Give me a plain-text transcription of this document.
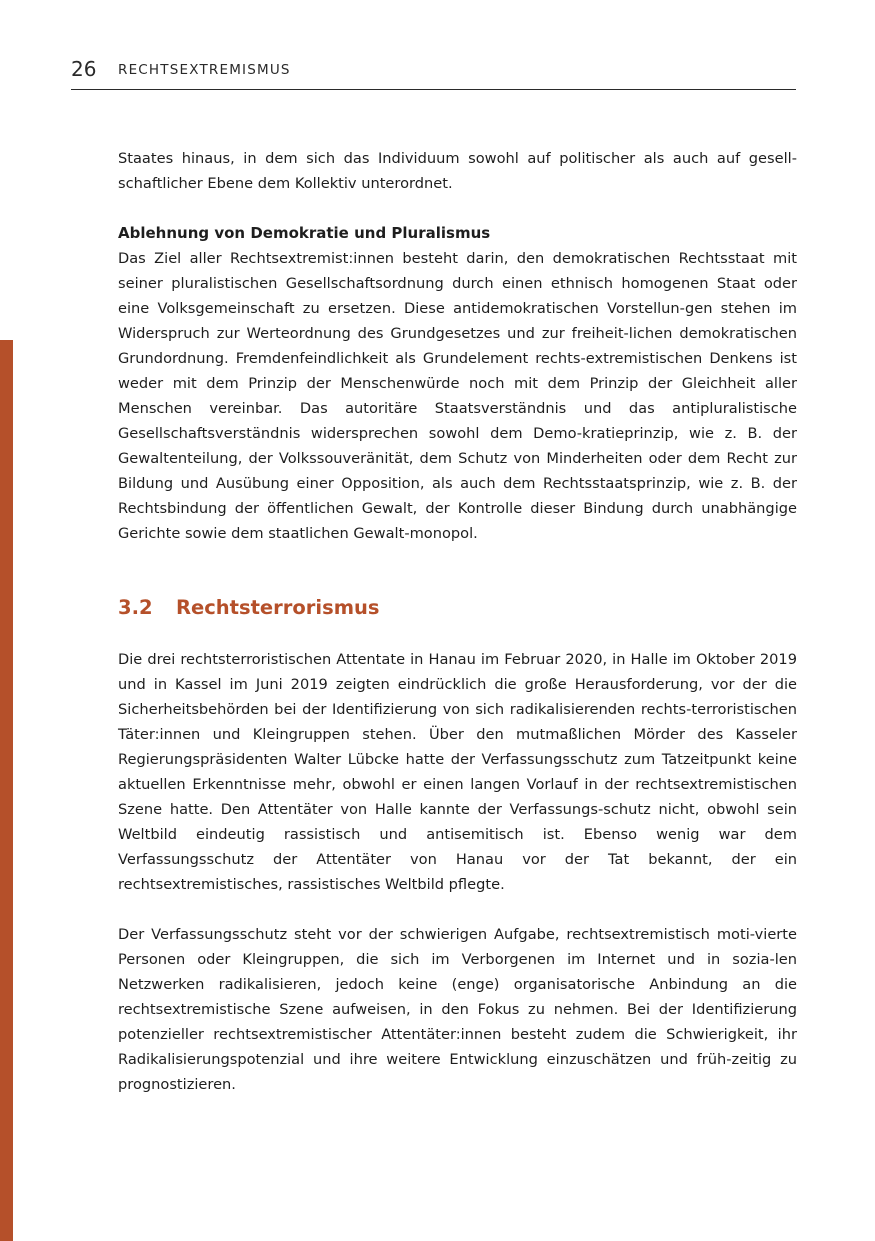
26 RECHTSEXTREMISMUS

Staates hinaus, in dem sich das Individuum sowohl auf politischer als auch auf gesell-schaftlicher Ebene dem Kollektiv unterordnet.

Ablehnung von Demokratie und Pluralismus

Das Ziel aller Rechtsextremist:innen besteht darin, den demokratischen Rechtsstaat mit seiner pluralistischen Gesellschaftsordnung durch einen ethnisch homogenen Staat oder eine Volksgemeinschaft zu ersetzen. Diese antidemokratischen Vorstellun-gen stehen im Widerspruch zur Werteordnung des Grundgesetzes und zur freiheit-lichen demokratischen Grundordnung. Fremdenfeindlichkeit als Grundelement rechts-extremistischen Denkens ist weder mit dem Prinzip der Menschenwürde noch mit dem Prinzip der Gleichheit aller Menschen vereinbar. Das autoritäre Staatsverständnis und das antipluralistische Gesellschaftsverständnis widersprechen sowohl dem Demo-kratieprinzip, wie z. B. der Gewaltenteilung, der Volkssouveränität, dem Schutz von Minderheiten oder dem Recht zur Bildung und Ausübung einer Opposition, als auch dem Rechtsstaatsprinzip, wie z. B. der Rechtsbindung der öffentlichen Gewalt, der Kontrolle dieser Bindung durch unabhängige Gerichte sowie dem staatlichen Gewalt-monopol.

3.2 Rechtsterrorismus

Die drei rechtsterroristischen Attentate in Hanau im Februar 2020, in Halle im Oktober 2019 und in Kassel im Juni 2019 zeigten eindrücklich die große Herausforderung, vor der die Sicherheitsbehörden bei der Identifizierung von sich radikalisierenden rechts-terroristischen Täter:innen und Kleingruppen stehen. Über den mutmaßlichen Mörder des Kasseler Regierungspräsidenten Walter Lübcke hatte der Verfassungsschutz zum Tatzeitpunkt keine aktuellen Erkenntnisse mehr, obwohl er einen langen Vorlauf in der rechtsextremistischen Szene hatte. Den Attentäter von Halle kannte der Verfassungs-schutz nicht, obwohl sein Weltbild eindeutig rassistisch und antisemitisch ist. Ebenso wenig war dem Verfassungsschutz der Attentäter von Hanau vor der Tat bekannt, der ein rechtsextremistisches, rassistisches Weltbild pflegte.

Der Verfassungsschutz steht vor der schwierigen Aufgabe, rechtsextremistisch moti-vierte Personen oder Kleingruppen, die sich im Verborgenen im Internet und in sozia-len Netzwerken radikalisieren, jedoch keine (enge) organisatorische Anbindung an die rechtsextremistische Szene aufweisen, in den Fokus zu nehmen. Bei der Identifizierung potenzieller rechtsextremistischer Attentäter:innen besteht zudem die Schwierigkeit, ihr Radikalisierungspotenzial und ihre weitere Entwicklung einzuschätzen und früh-zeitig zu prognostizieren.
